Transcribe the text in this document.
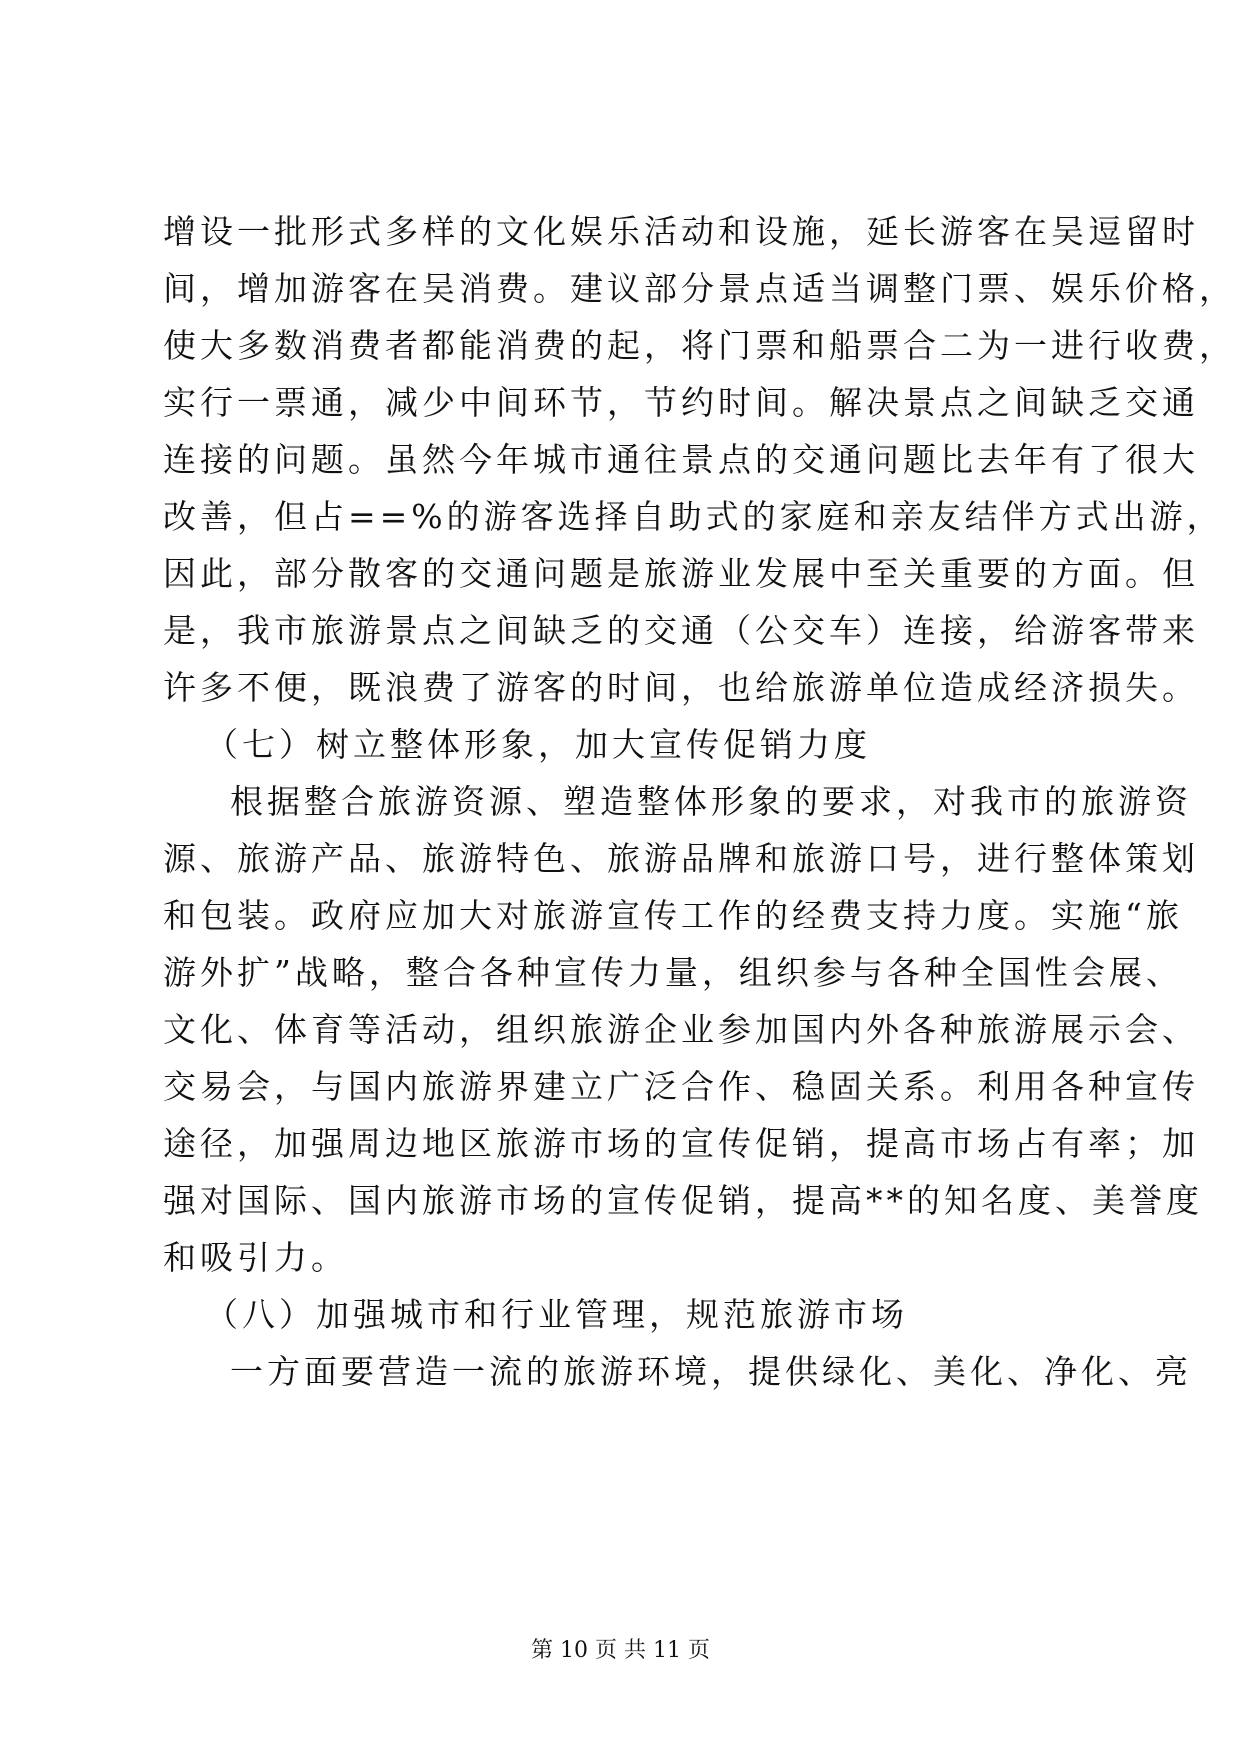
增设一批形式多样的文化娱乐活动和设施，延长游客在吴逗留时
间，增加游客在吴消费。建议部分景点适当调整门票、娱乐价格，
使大多数消费者都能消费的起，将门票和船票合二为一进行收费，
实行一票通，减少中间环节，节约时间。解决景点之间缺乏交通
连接的问题。虽然今年城市通往景点的交通问题比去年有了很大
改善，但占==%的游客选择自助式的家庭和亲友结伴方式出游，
因此，部分散客的交通问题是旅游业发展中至关重要的方面。但
是，我市旅游景点之间缺乏的交通（公交车）连接，给游客带来
许多不便，既浪费了游客的时间，也给旅游单位造成经济损失。
（七）树立整体形象，加大宣传促销力度
根据整合旅游资源、塑造整体形象的要求，对我市的旅游资
源、旅游产品、旅游特色、旅游品牌和旅游口号，进行整体策划
和包装。政府应加大对旅游宣传工作的经费支持力度。实施“旅
游外扩”战略，整合各种宣传力量，组织参与各种全国性会展、
文化、体育等活动，组织旅游企业参加国内外各种旅游展示会、
交易会，与国内旅游界建立广泛合作、稳固关系。利用各种宣传
途径，加强周边地区旅游市场的宣传促销，提高市场占有率；加
强对国际、国内旅游市场的宣传促销，提高**的知名度、美誉度
和吸引力。
（八）加强城市和行业管理，规范旅游市场
一方面要营造一流的旅游环境，提供绿化、美化、净化、亮
第 10 页 共 11 页
